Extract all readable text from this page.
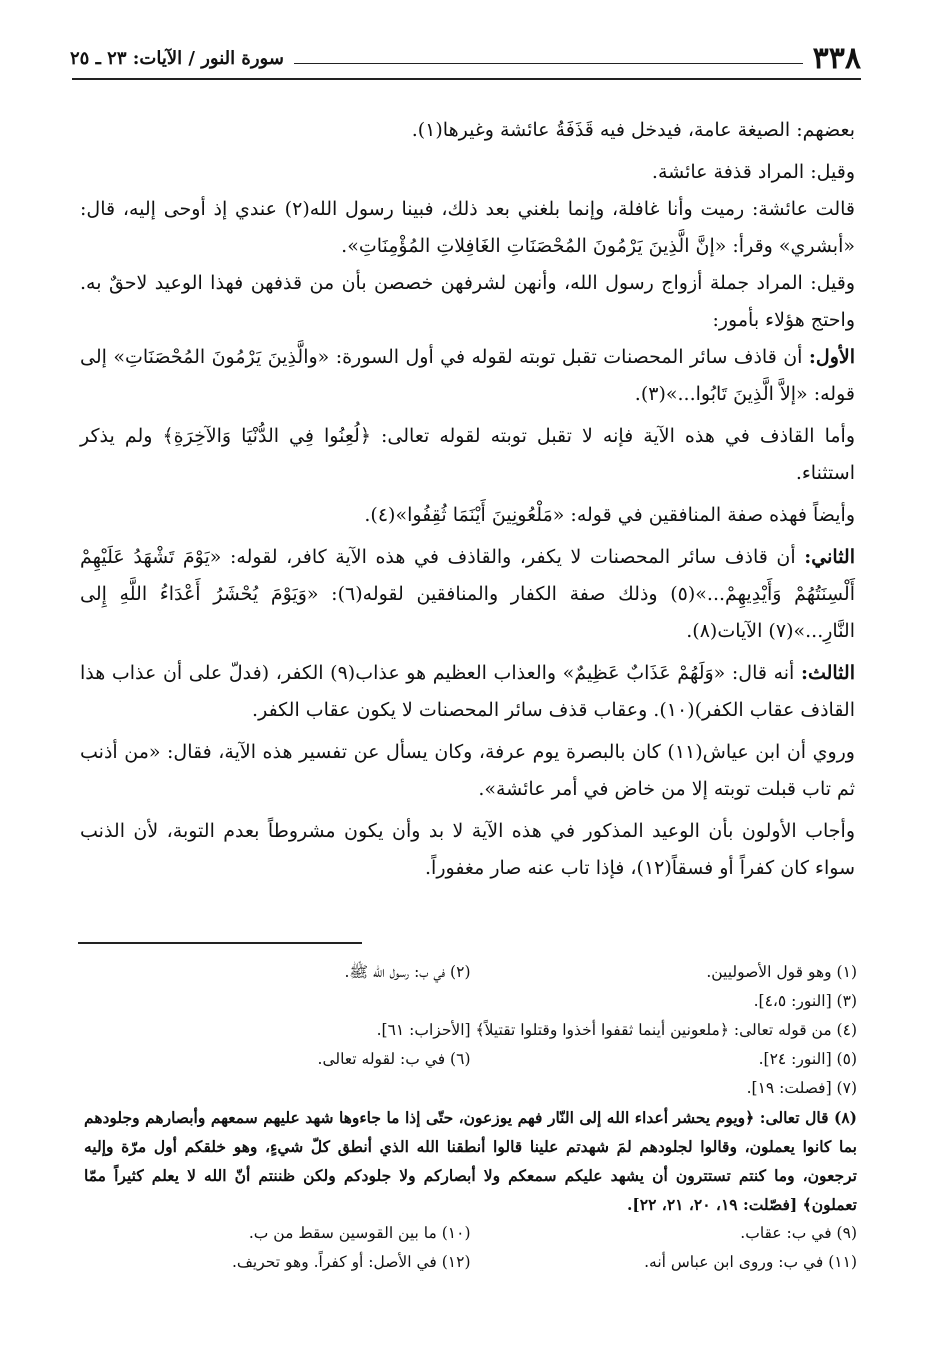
٣٣٨
سورة النور / الآيات: ٢٣ ـ ٢٥

بعضهم: الصيغة عامة، فيدخل فيه قَذَفَةُ عائشة وغيرها(١).

وقيل: المراد قذفة عائشة.

قالت عائشة: رميت وأنا غافلة، وإنما بلغني بعد ذلك، فبينا رسول الله(٢) عندي إذ أوحى إليه، قال: «أبشري» وقرأ: «إنَّ الَّذِينَ يَرْمُونَ المُحْصَنَاتِ الغَافِلاتِ المُؤْمِنَاتِ».

وقيل: المراد جملة أزواج رسول الله، وأنهن لشرفهن خصصن بأن من قذفهن فهذا الوعيد لاحقٌ به. واحتج هؤلاء بأمور:

الأول: أن قاذف سائر المحصنات تقبل توبته لقوله في أول السورة: «والَّذِينَ يَرْمُونَ المُحْصَنَاتِ» إلى قوله: «إلاَّ الَّذِينَ تَابُوا...»(٣).

وأما القاذف في هذه الآية فإنه لا تقبل توبته لقوله تعالى: ﴿لُعِنُوا فِي الدُّنْيَا وَالآخِرَةِ﴾ ولم يذكر استثناء.

وأيضاً فهذه صفة المنافقين في قوله: «مَلْعُونِينَ أَيْنَمَا ثُقِفُوا»(٤).

الثاني: أن قاذف سائر المحصنات لا يكفر، والقاذف في هذه الآية كافر، لقوله: «يَوْمَ تَشْهَدُ عَلَيْهِمْ أَلْسِنَتُهُمْ وَأَيْدِيهِمْ...»(٥) وذلك صفة الكفار والمنافقين لقوله(٦): «وَيَوْمَ يُحْشَرُ أَعْدَاءُ اللَّهِ إِلى النَّارِ...»(٧) الآيات(٨).

الثالث: أنه قال: «وَلَهُمْ عَذَابٌ عَظِيمٌ» والعذاب العظيم هو عذاب(٩) الكفر، (فدلّ على أن عذاب هذا القاذف عقاب الكفر)(١٠). وعقاب قذف سائر المحصنات لا يكون عقاب الكفر.

وروي أن ابن عياش(١١) كان بالبصرة يوم عرفة، وكان يسأل عن تفسير هذه الآية، فقال: «من أذنب ثم تاب قبلت توبته إلا من خاض في أمر عائشة».

وأجاب الأولون بأن الوعيد المذكور في هذه الآية لا بد وأن يكون مشروطاً بعدم التوبة، لأن الذنب سواء كان كفراً أو فسقاً(١٢)، فإذا تاب عنه صار مغفوراً.

(١) وهو قول الأصوليين.
(٢) في ب: رسول الله ﷺ.
(٣) [النور: ٤،٥].
(٤) من قوله تعالى: ﴿ملعونين أينما ثقفوا أخذوا وقتلوا تقتيلاً﴾ [الأحزاب: ٦١].
(٥) [النور: ٢٤].
(٦) في ب: لقوله تعالى.
(٧) [فصلت: ١٩].
(٨) قال تعالى: ﴿ويوم يحشر أعداء الله إلى النّار فهم يوزعون، حتّى إذا ما جاءوها شهد عليهم سمعهم وأبصارهم وجلودهم بما كانوا يعملون، وقالوا لجلودهم لمَ شهدتم علينا قالوا أنطقنا الله الذي أنطق كلّ شيءٍ، وهو خلقكم أول مرّة وإليه ترجعون، وما كنتم تستترون أن يشهد عليكم سمعكم ولا أبصاركم ولا جلودكم ولكن ظننتم أنّ الله لا يعلم كثيراً ممّا تعملون﴾ [فصّلت: ١٩، ٢٠، ٢١، ٢٢].
(٩) في ب: عقاب.
(١٠) ما بين القوسين سقط من ب.
(١١) في ب: وروى ابن عباس أنه.
(١٢) في الأصل: أو كفراً. وهو تحريف.
